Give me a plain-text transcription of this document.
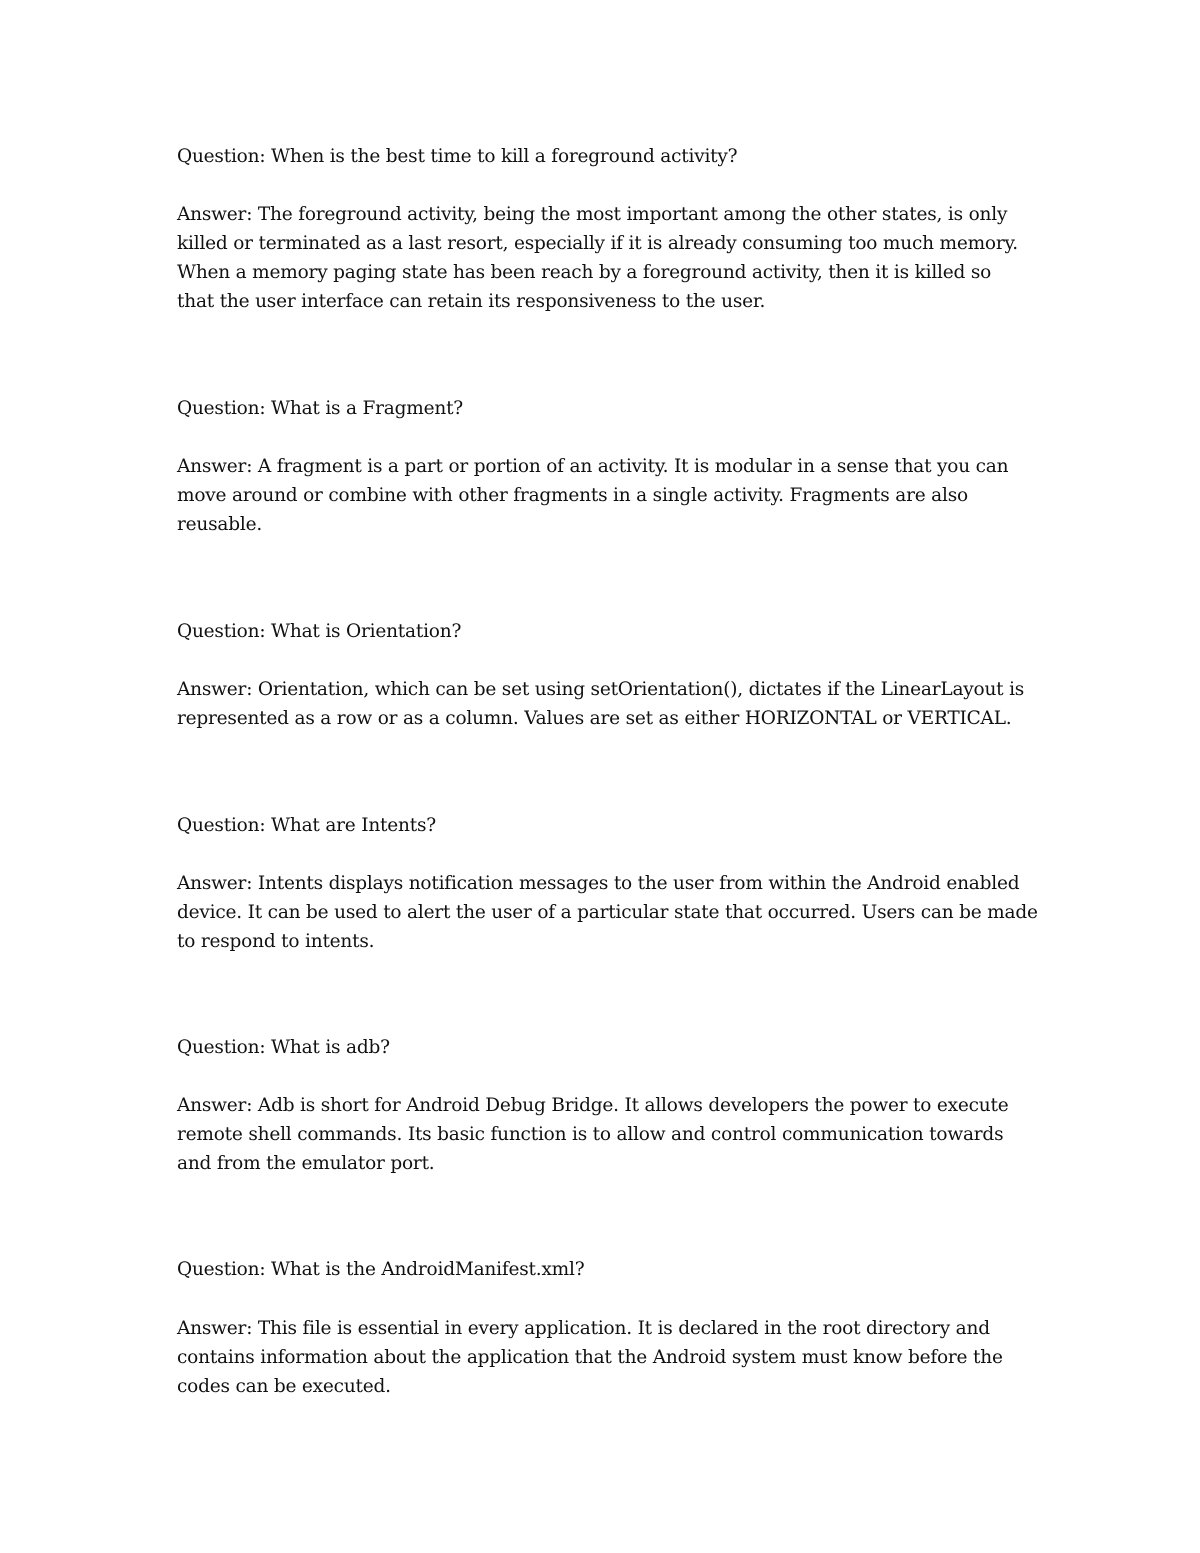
Question: When is the best time to kill a foreground activity?

Answer: The foreground activity, being the most important among the other states, is only

killed or terminated as a last resort, especially if it is already consuming too much memory.

When a memory paging state has been reach by a foreground activity, then it is killed so

that the user interface can retain its responsiveness to the user.

Question: What is a Fragment?

Answer: A fragment is a part or portion of an activity. It is modular in a sense that you can

move around or combine with other fragments in a single activity. Fragments are also

reusable.

Question: What is Orientation?

Answer: Orientation, which can be set using setOrientation(), dictates if the LinearLayout is

represented as a row or as a column. Values are set as either HORIZONTAL or VERTICAL.

Question: What are Intents?

Answer: Intents displays notification messages to the user from within the Android enabled

device. It can be used to alert the user of a particular state that occurred. Users can be made

to respond to intents.

Question: What is adb?

Answer: Adb is short for Android Debug Bridge. It allows developers the power to execute

remote shell commands. Its basic function is to allow and control communication towards

and from the emulator port.

Question: What is the AndroidManifest.xml?

Answer: This file is essential in every application. It is declared in the root directory and

contains information about the application that the Android system must know before the

codes can be executed.
